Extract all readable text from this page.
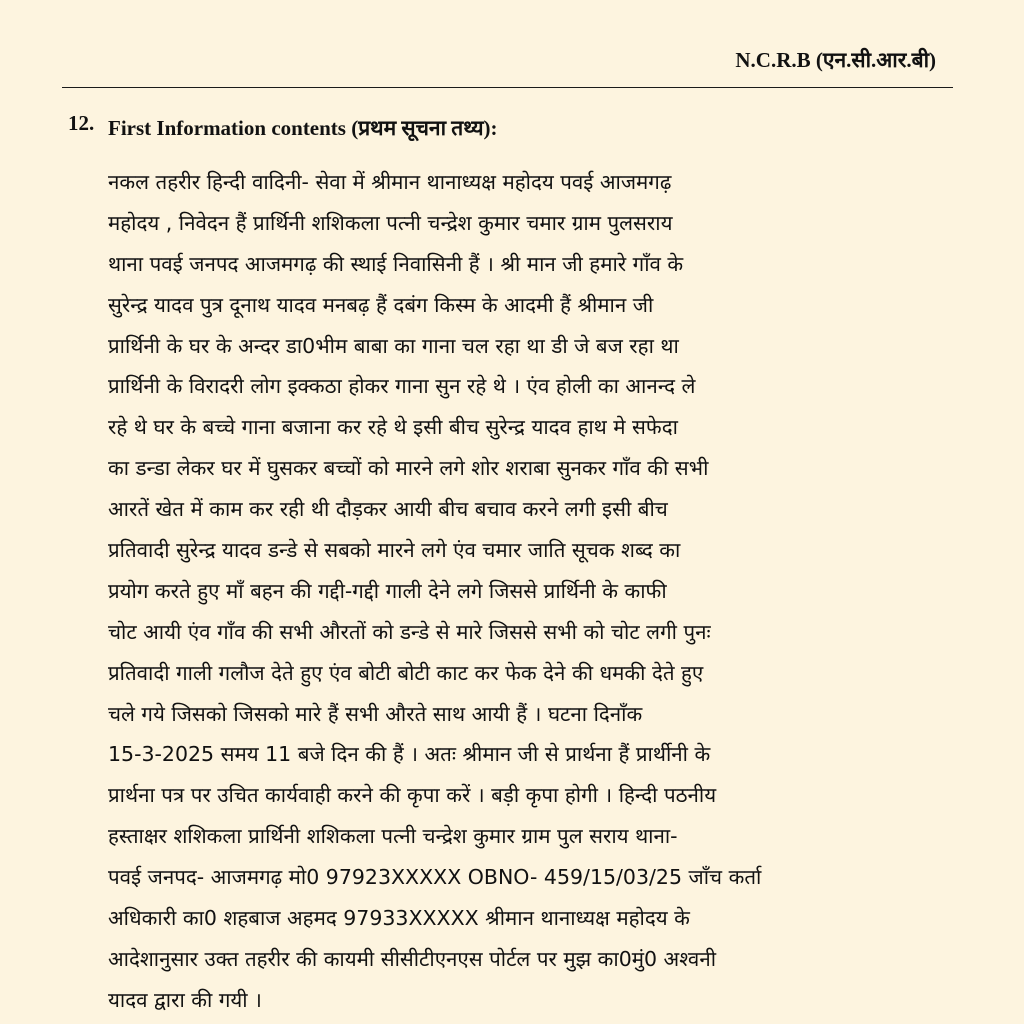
N.C.R.B (एन.सी.आर.बी)
12. First Information contents (प्रथम सूचना तथ्य):
नकल तहरीर हिन्दी वादिनी- सेवा में श्रीमान थानाध्यक्ष महोदय पवई आजमगढ़
महोदय , निवेदन हैं प्रार्थिनी शशिकला पत्नी चन्द्रेश कुमार चमार ग्राम पुलसराय
थाना पवई जनपद आजमगढ़ की स्थाई निवासिनी हैं । श्री मान जी हमारे गाँव के
सुरेन्द्र यादव पुत्र दूनाथ यादव मनबढ़ हैं दबंग किस्म के आदमी हैं श्रीमान जी
प्रार्थिनी के घर के अन्दर डा0भीम बाबा का गाना चल रहा था डी जे बज रहा था
प्रार्थिनी के विरादरी लोग इक्कठा होकर गाना सुन रहे थे । एंव होली का आनन्द ले
रहे थे घर के बच्चे गाना बजाना कर रहे थे इसी बीच सुरेन्द्र यादव हाथ मे सफेदा
का डन्डा लेकर घर में घुसकर बच्चों को मारने लगे शोर शराबा सुनकर गाँव की सभी
आरतें खेत में काम कर रही थी दौड़कर आयी बीच बचाव करने लगी इसी बीच
प्रतिवादी सुरेन्द्र यादव डन्डे से सबको मारने लगे एंव चमार जाति सूचक शब्द का
प्रयोग करते हुए माँ बहन की गद्दी-गद्दी गाली देने लगे जिससे प्रार्थिनी के काफी
चोट आयी एंव गाँव की सभी औरतों को डन्डे से मारे जिससे सभी को चोट लगी पुनः
प्रतिवादी गाली गलौज देते हुए एंव बोटी बोटी काट कर फेक देने की धमकी देते हुए
चले गये जिसको जिसको मारे हैं सभी औरते साथ आयी हैं । घटना दिनाँक
15-3-2025 समय 11 बजे दिन की हैं । अतः श्रीमान जी से प्रार्थना हैं प्रार्थीनी के
प्रार्थना पत्र पर उचित कार्यवाही करने की कृपा करें । बड़ी कृपा होगी । हिन्दी पठनीय
हस्ताक्षर शशिकला प्रार्थिनी शशिकला पत्नी चन्द्रेश कुमार ग्राम पुल सराय थाना-
पवई जनपद- आजमगढ़ मो0 97923XXXXX OBNO- 459/15/03/25 जाँच कर्ता
अधिकारी का0 शहबाज अहमद 97933XXXXX श्रीमान थानाध्यक्ष महोदय के
आदेशानुसार उक्त तहरीर की कायमी सीसीटीएनएस पोर्टल पर मुझ का0मुं0 अश्वनी
यादव द्वारा की गयी ।
